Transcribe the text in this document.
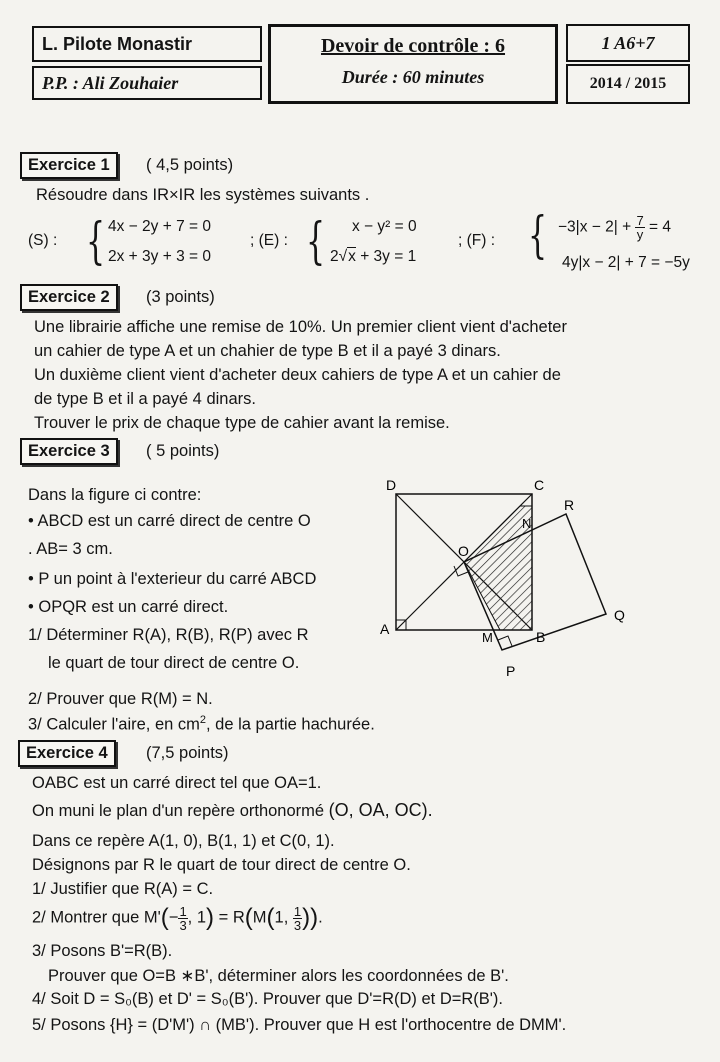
L. Pilote Monastir
P.P. : Ali Zouhaier
Devoir de contrôle : 6
Durée : 60 minutes
1 A6+7
2014 / 2015
Exercice 1	( 4,5 points)
Résoudre dans IR×IR les systèmes suivants .
(S) : { 4x − 2y + 7 = 0
2x + 3y + 3 = 0
; (E) : { x − y² = 0
2√x + 3y = 1
; (F) : { $-3|x - 2| + \frac{7}{y} = 4$
4y|x − 2| + 7 = −5y
Exercice 2	(3 points)
Une librairie affiche une remise de 10%. Un premier client vient d'acheter
un cahier de type A et un chahier de type B et il a payé 3 dinars.
Un duxième client vient d'acheter deux cahiers de type A et un cahier de
de type B et il a payé 4 dinars.
Trouver le prix de chaque type de cahier avant la remise.
Exercice 3	( 5 points)
Dans la figure ci contre:
• ABCD est un carré direct de centre O
. AB= 3 cm.
• P un point à l'exterieur du carré ABCD
• OPQR est un carré direct.
1/ Déterminer R(A), R(B), R(P) avec R
le quart de tour direct de centre O.
2/ Prouver que R(M) = N.
3/ Calculer l'aire, en $cm^2$, de la partie hachurée.
D	C
A	B
O
N
M
P
Q
R
Exercice 4	(7,5 points)
OABC est un carré direct tel que OA=1.
On muni le plan d'un repère orthonormé (O, OA, OC).
Dans ce repère A(1, 0), B(1, 1) et C(0, 1).
Désignons par R le quart de tour direct de centre O.
1/ Justifier que R(A) = C.
2/ Montrer que $M'(- \frac{1}{3}$ , 1) = R(M(1, $\frac{1}{3}$ )).
3/ Posons B'=R(B).
Prouver que O=B ∗B', déterminer alors les coordonnées de B'.
4/ Soit D = S₀(B) et D' = S₀(B'). Prouver que D'=R(D) et D=R(B').
5/ Posons {H} = (D'M') ∩ (MB'). Prouver que H est l'orthocentre de DMM'.
